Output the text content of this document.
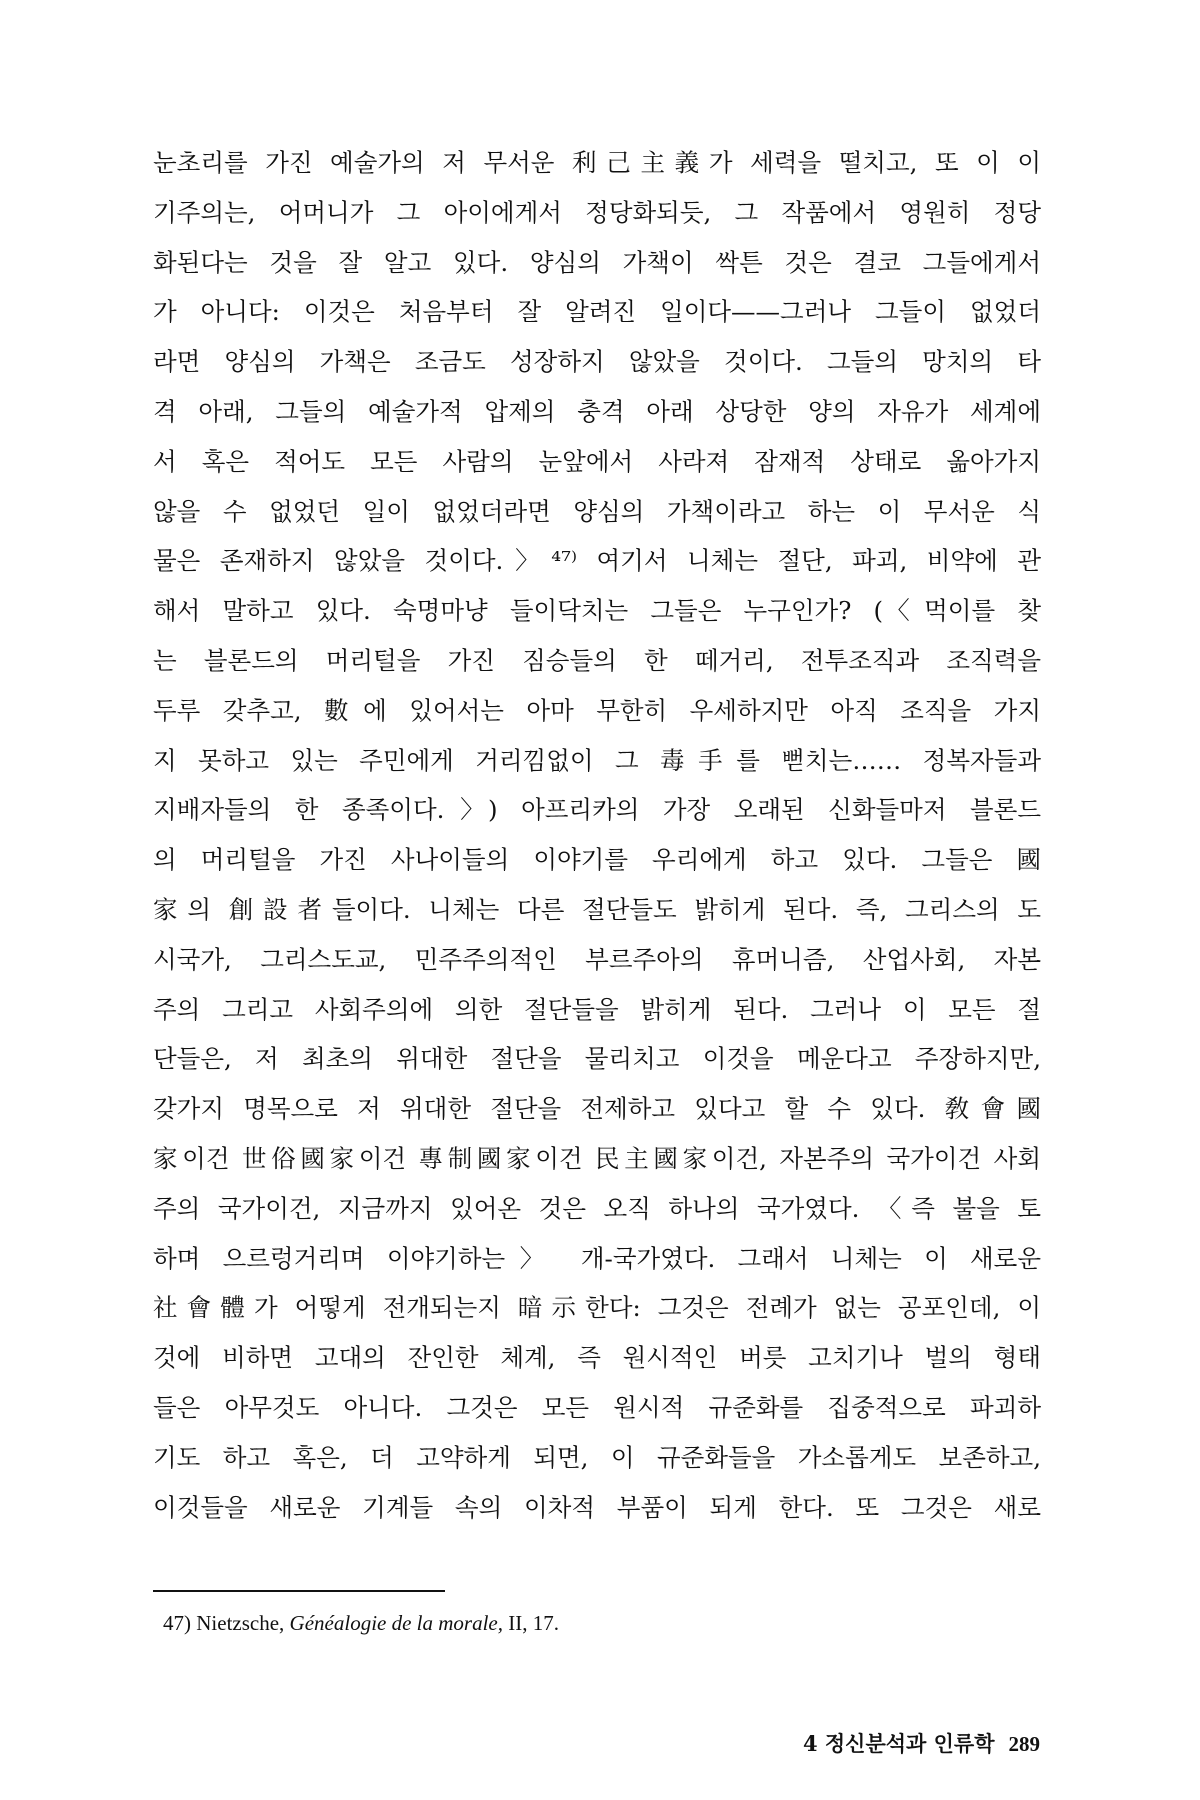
눈초리를 가진 예술가의 저 무서운 利己主義가 세력을 떨치고, 또 이 이
기주의는, 어머니가 그 아이에게서 정당화되듯, 그 작품에서 영원히 정당
화된다는 것을 잘 알고 있다. 양심의 가책이 싹튼 것은 결코 그들에게서
가 아니다: 이것은 처음부터 잘 알려진 일이다——그러나 그들이 없었더
라면 양심의 가책은 조금도 성장하지 않았을 것이다. 그들의 망치의 타
격 아래, 그들의 예술가적 압제의 충격 아래 상당한 양의 자유가 세계에
서 혹은 적어도 모든 사람의 눈앞에서 사라져 잠재적 상태로 옮아가지
않을 수 없었던 일이 없었더라면 양심의 가책이라고 하는 이 무서운 식
물은 존재하지 않았을 것이다.〉⁴⁷⁾ 여기서 니체는 절단, 파괴, 비약에 관
해서 말하고 있다. 숙명마냥 들이닥치는 그들은 누구인가? (〈먹이를 찾
는 블론드의 머리털을 가진 짐승들의 한 떼거리, 전투조직과 조직력을
두루 갖추고, 數에 있어서는 아마 무한히 우세하지만 아직 조직을 가지
지 못하고 있는 주민에게 거리낌없이 그 毒手를 뻗치는…… 정복자들과
지배자들의 한 종족이다.〉) 아프리카의 가장 오래된 신화들마저 블론드
의 머리털을 가진 사나이들의 이야기를 우리에게 하고 있다. 그들은 國
家의 創設者들이다. 니체는 다른 절단들도 밝히게 된다. 즉, 그리스의 도
시국가, 그리스도교, 민주주의적인 부르주아의 휴머니즘, 산업사회, 자본
주의 그리고 사회주의에 의한 절단들을 밝히게 된다. 그러나 이 모든 절
단들은, 저 최초의 위대한 절단을 물리치고 이것을 메운다고 주장하지만,
갖가지 명목으로 저 위대한 절단을 전제하고 있다고 할 수 있다. 敎會國
家이건 世俗國家이건 專制國家이건 民主國家이건, 자본주의 국가이건 사회
주의 국가이건, 지금까지 있어온 것은 오직 하나의 국가였다. 〈즉 불을 토
하며 으르렁거리며 이야기하는〉 개-국가였다. 그래서 니체는 이 새로운
社會體가 어떻게 전개되는지 暗示한다: 그것은 전례가 없는 공포인데, 이
것에 비하면 고대의 잔인한 체계, 즉 원시적인 버릇 고치기나 벌의 형태
들은 아무것도 아니다. 그것은 모든 원시적 규준화를 집중적으로 파괴하
기도 하고 혹은, 더 고약하게 되면, 이 규준화들을 가소롭게도 보존하고,
이것들을 새로운 기계들 속의 이차적 부품이 되게 한다. 또 그것은 새로
47) Nietzsche, Généalogie de la morale, II, 17.
4 정신분석과 인류학 289
